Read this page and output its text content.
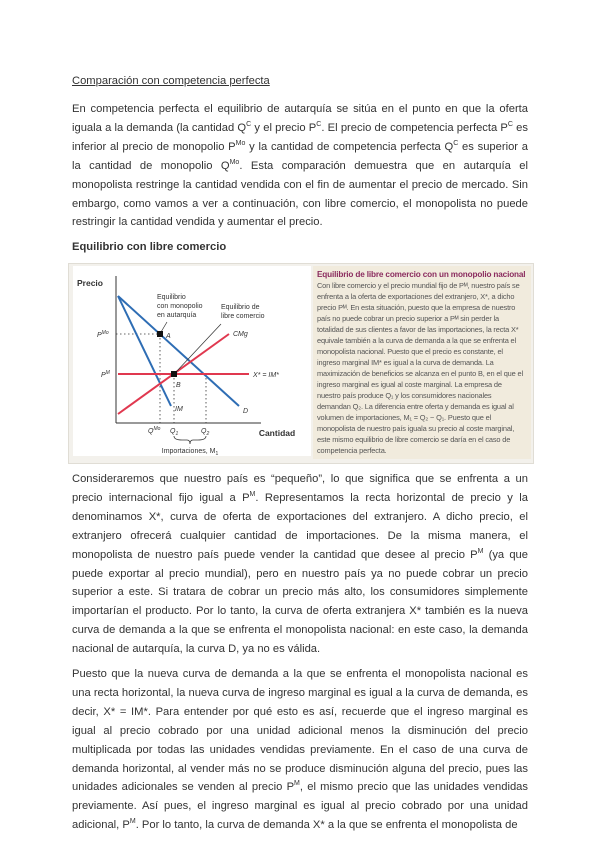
Comparación con competencia perfecta
En competencia perfecta el equilibrio de autarquía se sitúa en el punto en que la oferta iguala a la demanda (la cantidad $Q^C$ y el precio $P^C$. El precio de competencia perfecta $P^C$ es inferior al precio de monopolio $P^{Mo}$ y la cantidad de competencia perfecta $Q^C$ es superior a la cantidad de monopolio $Q^{Mo}$. Esta comparación demuestra que en autarquía el monopolista restringe la cantidad vendida con el fin de aumentar el precio de mercado. Sin embargo, como vamos a ver a continuación, con libre comercio, el monopolista no puede restringir la cantidad vendida y aumentar el precio.
Equilibrio con libre comercio
Precio
Cantidad
Equilibrio
con monopolio
en autarquía
Equilibrio de
libre comercio
$P^{Mo}$
$P^M$
A
B
CMg
X* = IM*
D
IM
$Q^{Mo}$ $Q_1$	$Q_2$
Importaciones, $M_1$
Equilibrio de libre comercio con un monopolio nacional Con libre comercio y el precio mundial fijo de Pᴹ, nuestro país se enfrenta a la oferta de exportaciones del extranjero, X*, a dicho precio Pᴹ. En esta situación, puesto que la empresa de nuestro país no puede cobrar un precio superior a Pᴹ sin perder la totalidad de sus clientes a favor de las importaciones, la recta X* equivale también a la curva de demanda a la que se enfrenta el monopolista nacional. Puesto que el precio es constante, el ingreso marginal IM* es igual a la curva de demanda. La maximización de beneficios se alcanza en el punto B, en el que el ingreso marginal es igual al coste marginal. La empresa de nuestro país produce Q₁ y los consumidores nacionales demandan Q₂. La diferencia entre oferta y demanda es igual al volumen de importaciones, M₁ = Q₂ − Q₁. Puesto que el monopolista de nuestro país iguala su precio al coste marginal, este mismo equilibrio de libre comercio se daría en el caso de competencia perfecta.
Consideraremos que nuestro país es “pequeño”, lo que significa que se enfrenta a un precio internacional fijo igual a $P^M$. Representamos la recta horizontal de precio y la denominamos X*, curva de oferta de exportaciones del extranjero. A dicho precio, el extranjero ofrecerá cualquier cantidad de importaciones. De la misma manera, el monopolista de nuestro país puede vender la cantidad que desee al precio $P^M$ (ya que puede exportar al precio mundial), pero en nuestro país ya no puede cobrar un precio superior a este. Si tratara de cobrar un precio más alto, los consumidores simplemente importarían el producto. Por lo tanto, la curva de oferta extranjera X* también es la nueva curva de demanda a la que se enfrenta el monopolista nacional: en este caso, la demanda nacional de autarquía, la curva D, ya no es válida.
Puesto que la nueva curva de demanda a la que se enfrenta el monopolista nacional es una recta horizontal, la nueva curva de ingreso marginal es igual a la curva de demanda, es decir, X* = IM*. Para entender por qué esto es así, recuerde que el ingreso marginal es igual al precio cobrado por una unidad adicional menos la disminución del precio multiplicada por todas las unidades vendidas previamente. En el caso de una curva de demanda horizontal, al vender más no se produce disminución alguna del precio, pues las unidades adicionales se venden al precio $P^M$, el mismo precio que las unidades vendidas previamente. Así pues, el ingreso marginal es igual al precio cobrado por una unidad adicional, $P^M$. Por lo tanto, la curva de demanda X* a la que se enfrenta el monopolista de
